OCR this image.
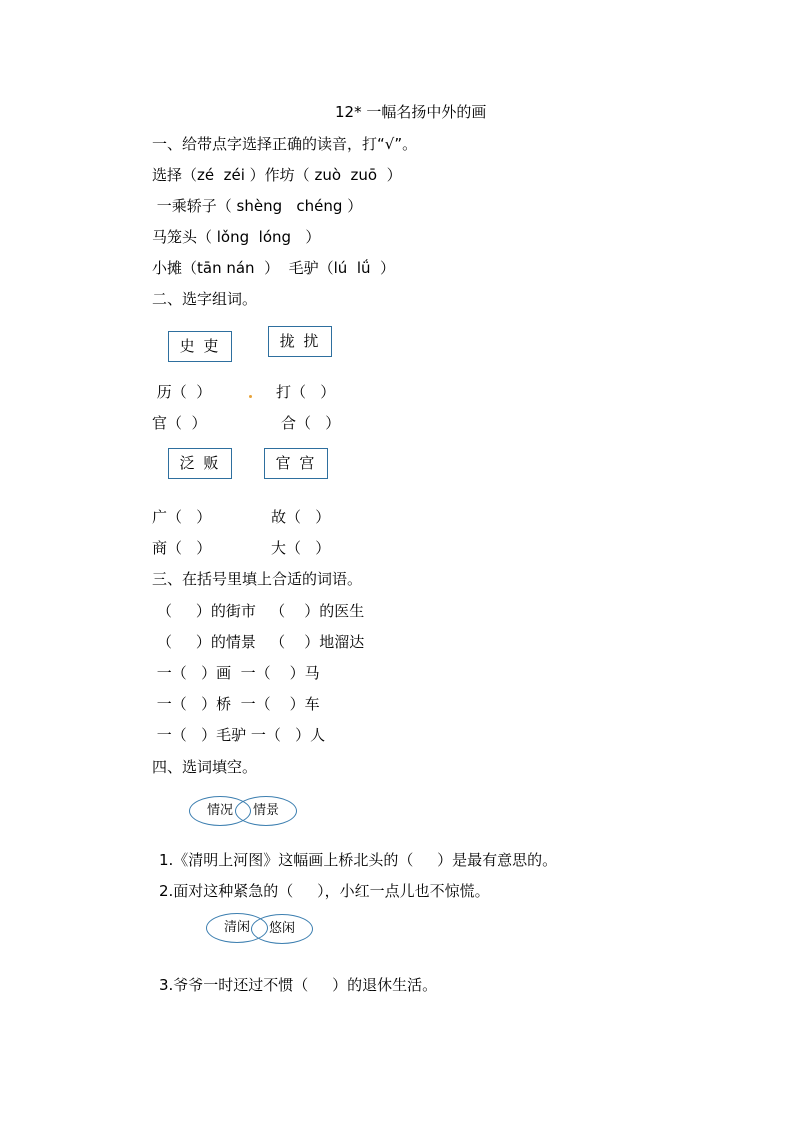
12* 一幅名扬中外的画
一、给带点字选择正确的读音，打“√”。
选择（zé  zéi ）作坊（ zuò  zuō  ）
一乘轿子（ shèng   chéng ）
马笼头（ lǒng  lóng   ）
小摊（tān nán  ）  毛驴（lú  lǘ  ）
二、选字组词。
史 吏	拢 扰
历（  ）	打（   ）
官（  ）	合（   ）
泛 贩	官 宫
广（   ）	故（   ）
商（   ）	大（   ）
三、在括号里填上合适的词语。
（     ）的街市   （    ）的医生
（     ）的情景   （    ）地溜达
一（   ）画  一（    ）马
一（   ）桥  一（    ）车
一（   ）毛驴 一（   ）人
四、选词填空。
情况	情景
1.《清明上河图》这幅画上桥北头的（     ）是最有意思的。
2.面对这种紧急的（     ），小红一点儿也不惊慌。
清闲	悠闲
3.爷爷一时还过不惯（     ）的退休生活。
